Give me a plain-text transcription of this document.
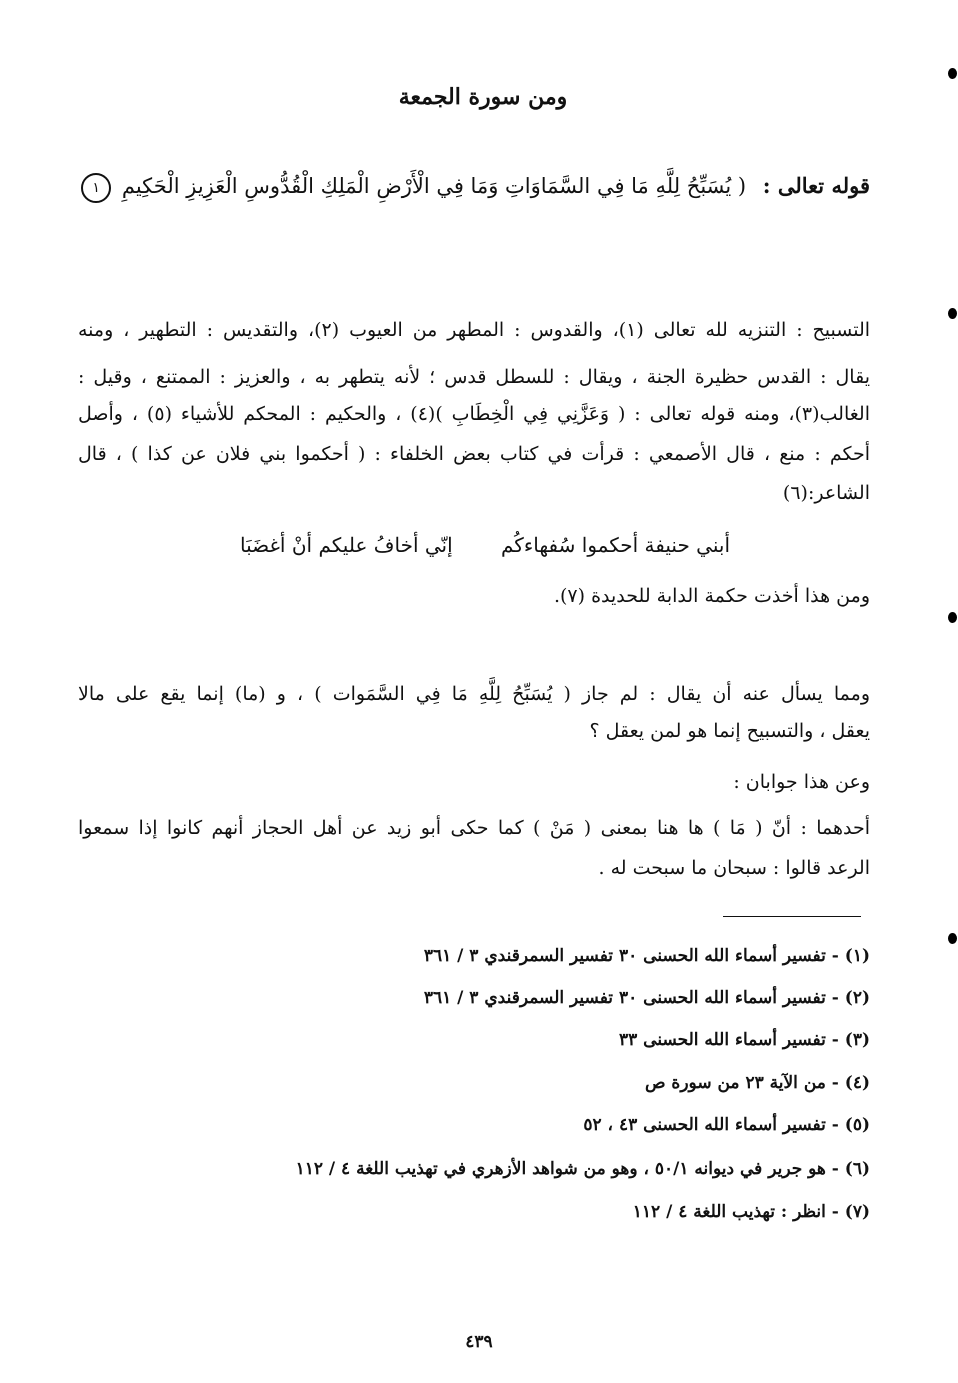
ومن سورة الجمعة
قوله تعالى : ( يُسَبِّحُ لِلَّهِ مَا فِي السَّمَاوَاتِ وَمَا فِي الْأَرْضِ الْمَلِكِ الْقُدُّوسِ الْعَزِيزِ الْحَكِيمِ ١
التسبيح : التنزيه لله تعالى (١)، والقدوس : المطهر من العيوب (٢)، والتقديس : التطهير ، ومنه
يقال : القدس حظيرة الجنة ، ويقال : للسطل قدس ؛ لأنه يتطهر به ، والعزيز : الممتنع ، وقيل :
الغالب(٣)، ومنه قوله تعالى : ( وَعَزَّنِي فِي الْخِطَابِ )(٤) ، والحكيم : المحكم للأشياء (٥) ، وأصل
أحكم : منع ، قال الأصمعي : قرأت في كتاب بعض الخلفاء : ( أحكموا بني فلان عن كذا ) ، قال
الشاعر:(٦)
أبني حنيفة أحكموا سُفهاءكُم
إنّي أخافُ عليكم أنْ أغضَبَا
ومن هذا أخذت حكمة الدابة للحديدة (٧).
ومما يسأل عنه أن يقال : لم جاز ( يُسَبِّحُ لِلَّهِ مَا فِي السَّمَوات ) ، و (ما) إنما يقع على مالا
يعقل ، والتسبيح إنما هو لمن يعقل ؟
وعن هذا جوابان :
أحدهما : أنّ ( مَا ) ها هنا بمعنى ( مَنْ ) كما حكى أبو زيد عن أهل الحجاز أنهم كانوا إذا سمعوا
الرعد قالوا : سبحان ما سبحت له .
(١) - تفسير أسماء الله الحسنى ٣٠ تفسير السمرقندي ٣ / ٣٦١
(٢) - تفسير أسماء الله الحسنى ٣٠ تفسير السمرقندي ٣ / ٣٦١
(٣) - تفسير أسماء الله الحسنى ٣٣
(٤) - من الآية ٢٣ من سورة ص
(٥) - تفسير أسماء الله الحسنى ٤٣ ، ٥٢
(٦) - هو جرير في ديوانه ٥٠/١ ، وهو من شواهد الأزهري في تهذيب اللغة ٤ / ١١٢
(٧) - انظر : تهذيب اللغة ٤ / ١١٢
٤٣٩
